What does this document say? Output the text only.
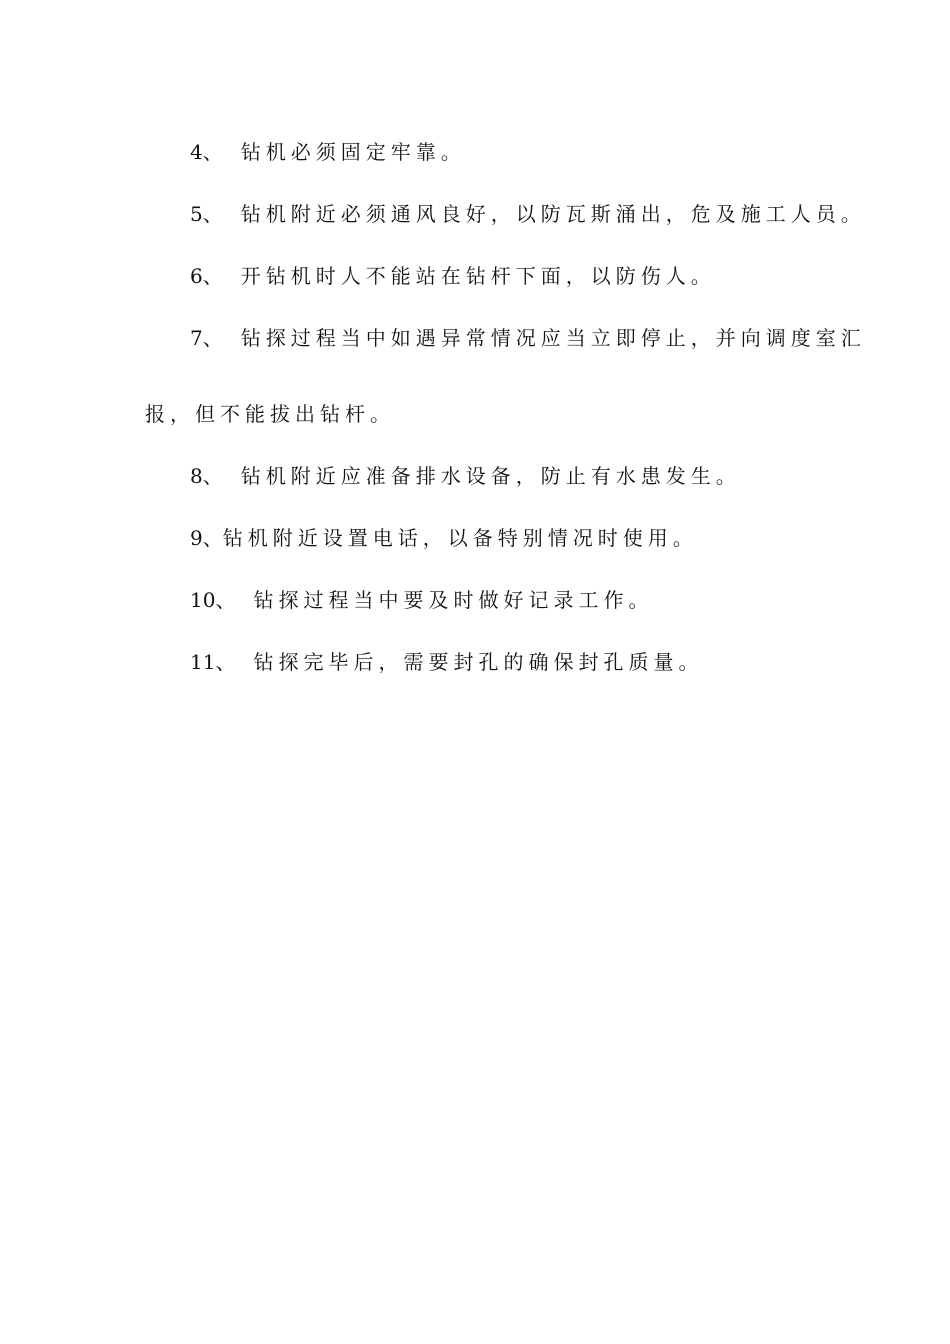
4、 钻机必须固定牢靠。
5、 钻机附近必须通风良好，以防瓦斯涌出，危及施工人员。
6、 开钻机时人不能站在钻杆下面，以防伤人。
7、 钻探过程当中如遇异常情况应当立即停止，并向调度室汇
报，但不能拔出钻杆。
8、 钻机附近应准备排水设备，防止有水患发生。
9、钻机附近设置电话，以备特别情况时使用。
10、 钻探过程当中要及时做好记录工作。
11、 钻探完毕后，需要封孔的确保封孔质量。
